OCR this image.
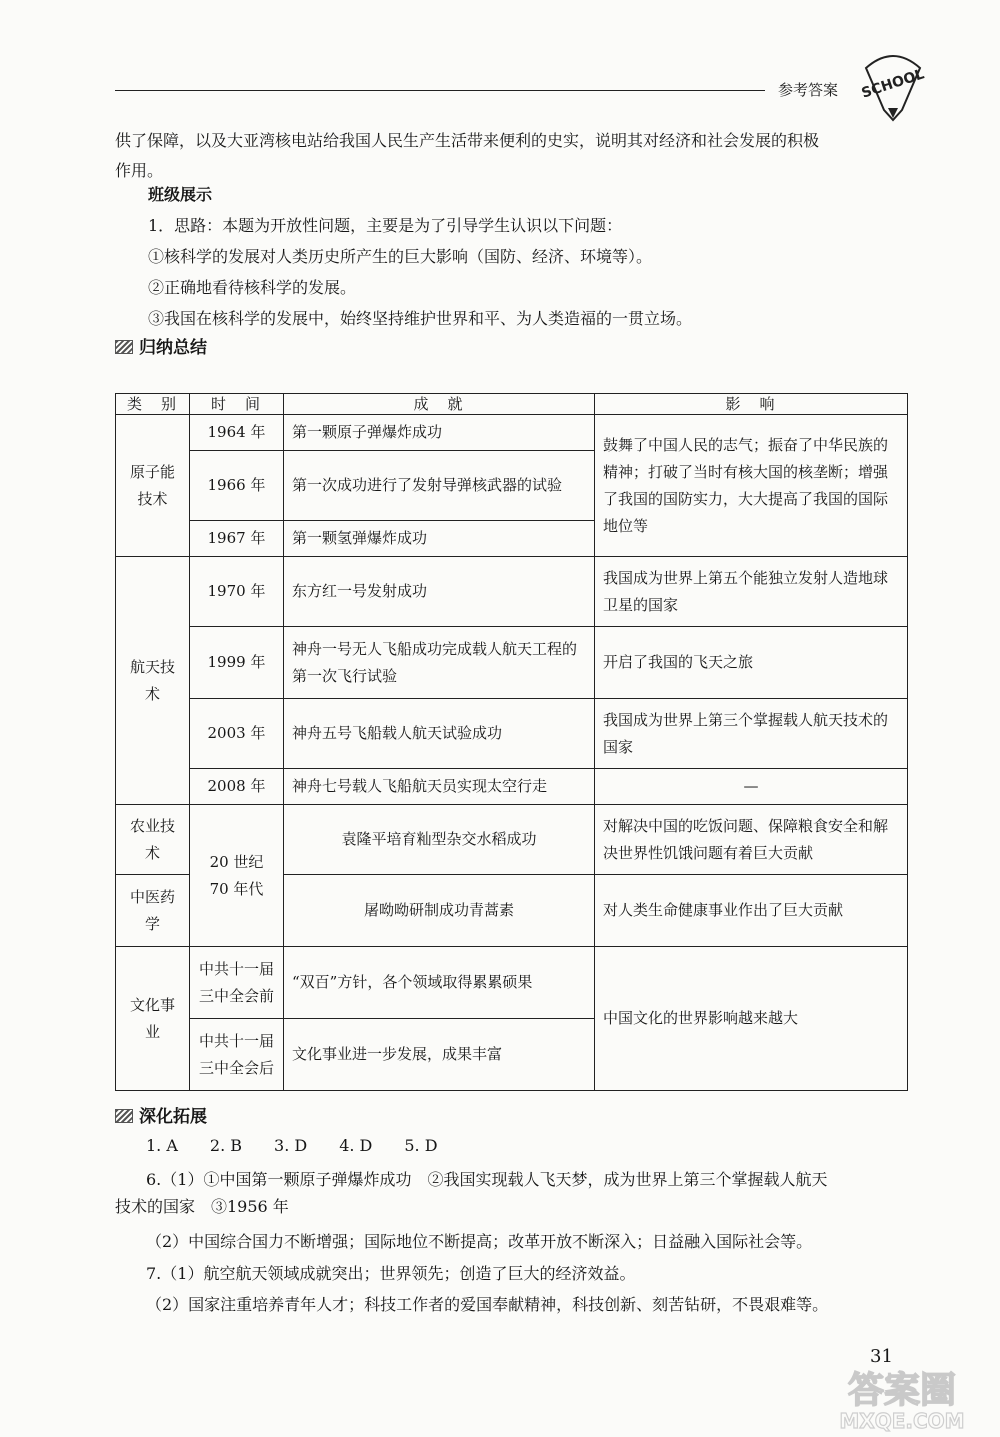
参考答案 SCHOOL
供了保障，以及大亚湾核电站给我国人民生产生活带来便利的史实，说明其对经济和社会发展的积极
作用。
班级展示
1．思路：本题为开放性问题，主要是为了引导学生认识以下问题：
①核科学的发展对人类历史所产生的巨大影响（国防、经济、环境等）。
②正确地看待核科学的发展。
③我国在核科学的发展中，始终坚持维护世界和平、为人类造福的一贯立场。
归纳总结
类　别	时　间	成　就	影　响
原子能技术	1964 年	第一颗原子弹爆炸成功	鼓舞了中国人民的志气；振奋了中华民族的精神；打破了当时有核大国的核垄断；增强了我国的国防实力，大大提高了我国的国际地位等
	1966 年	第一次成功进行了发射导弹核武器的试验	
	1967 年	第一颗氢弹爆炸成功	
航天技术	1970 年	东方红一号发射成功	我国成为世界上第五个能独立发射人造地球卫星的国家
	1999 年	神舟一号无人飞船成功完成载人航天工程的第一次飞行试验	开启了我国的飞天之旅
	2003 年	神舟五号飞船载人航天试验成功	我国成为世界上第三个掌握载人航天技术的国家
	2008 年	神舟七号载人飞船航天员实现太空行走	—
农业技术	20 世纪 70 年代	袁隆平培育籼型杂交水稻成功	对解决中国的吃饭问题、保障粮食安全和解决世界性饥饿问题有着巨大贡献
中医药学		屠呦呦研制成功青蒿素	对人类生命健康事业作出了巨大贡献
文化事业	中共十一届三中全会前	“双百”方针，各个领域取得累累硕果	中国文化的世界影响越来越大
	中共十一届三中全会后	文化事业进一步发展，成果丰富	
深化拓展
1. A　　2. B　　3. D　　4. D　　5. D
6.（1）①中国第一颗原子弹爆炸成功　②我国实现载人飞天梦，成为世界上第三个掌握载人航天
技术的国家　③1956 年
（2）中国综合国力不断增强；国际地位不断提高；改革开放不断深入；日益融入国际社会等。
7.（1）航空航天领域成就突出；世界领先；创造了巨大的经济效益。
（2）国家注重培养青年人才；科技工作者的爱国奉献精神，科技创新、刻苦钻研，不畏艰难等。
31
答案圈
MXQE.COM
